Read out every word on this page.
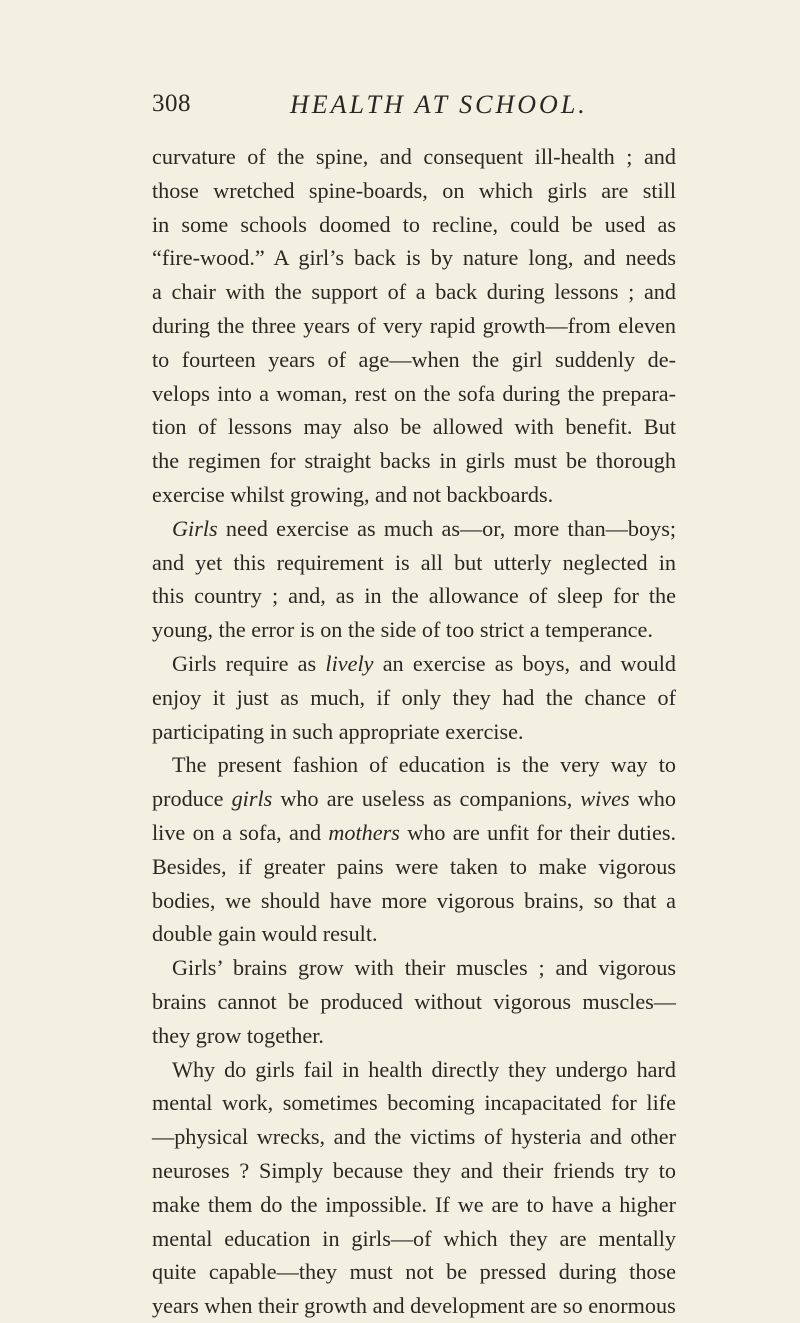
308	HEALTH AT SCHOOL.
curvature of the spine, and consequent ill-health ; and
those wretched spine-boards, on which girls are still
in some schools doomed to recline, could be used as
“fire-wood.” A girl’s back is by nature long, and needs
a chair with the support of a back during lessons ; and
during the three years of very rapid growth—from eleven
to fourteen years of age—when the girl suddenly de-
velops into a woman, rest on the sofa during the prepara-
tion of lessons may also be allowed with benefit. But
the regimen for straight backs in girls must be thorough
exercise whilst growing, and not backboards.
Girls need exercise as much as—or, more than—boys;
and yet this requirement is all but utterly neglected in
this country ; and, as in the allowance of sleep for the
young, the error is on the side of too strict a temperance.
Girls require as lively an exercise as boys, and would
enjoy it just as much, if only they had the chance of
participating in such appropriate exercise.
The present fashion of education is the very way to
produce girls who are useless as companions, wives who
live on a sofa, and mothers who are unfit for their duties.
Besides, if greater pains were taken to make vigorous
bodies, we should have more vigorous brains, so that a
double gain would result.
Girls’ brains grow with their muscles ; and vigorous
brains cannot be produced without vigorous muscles—
they grow together.
Why do girls fail in health directly they undergo hard
mental work, sometimes becoming incapacitated for life
—physical wrecks, and the victims of hysteria and other
neuroses ? Simply because they and their friends try to
make them do the impossible. If we are to have a higher
mental education in girls—of which they are mentally
quite capable—they must not be pressed during those
years when their growth and development are so enormous
